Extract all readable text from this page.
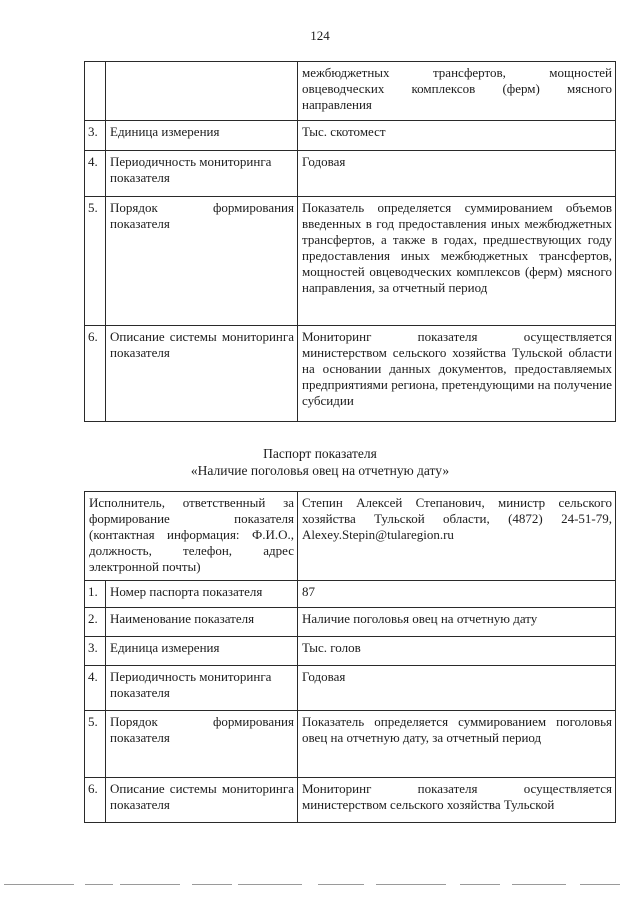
124
		межбюджетных трансфертов, мощностей овцеводческих комплексов (ферм) мясного направления
3.	Единица измерения	Тыс. скотомест
4.	Периодичность мониторинга показателя	Годовая
5.	Порядок формирования показателя	Показатель определяется суммированием объемов введенных в год предоставления иных межбюджетных трансфертов, а также в годах, предшествующих году предоставления иных межбюджетных трансфертов, мощностей овцеводческих комплексов (ферм) мясного направления, за отчетный период
6.	Описание системы мониторинга показателя	Мониторинг показателя осуществляется министерством сельского хозяйства Тульской области на основании данных документов, предоставляемых предприятиями региона, претендующими на получение субсидии
Паспорт показателя
«Наличие поголовья овец на отчетную дату»
Исполнитель, ответственный за формирование показателя (контактная информация: Ф.И.О., должность, телефон, адрес электронной почты)		Степин Алексей Степанович, министр сельского хозяйства Тульской области, (4872) 24-51-79, Alexey.Stepin@tularegion.ru
1.	Номер паспорта показателя	87
2.	Наименование показателя	Наличие поголовья овец на отчетную дату
3.	Единица измерения	Тыс. голов
4.	Периодичность мониторинга показателя	Годовая
5.	Порядок формирования показателя	Показатель определяется суммированием поголовья овец на отчетную дату, за отчетный период
6.	Описание системы мониторинга показателя	Мониторинг показателя осуществляется министерством сельского хозяйства Тульской
